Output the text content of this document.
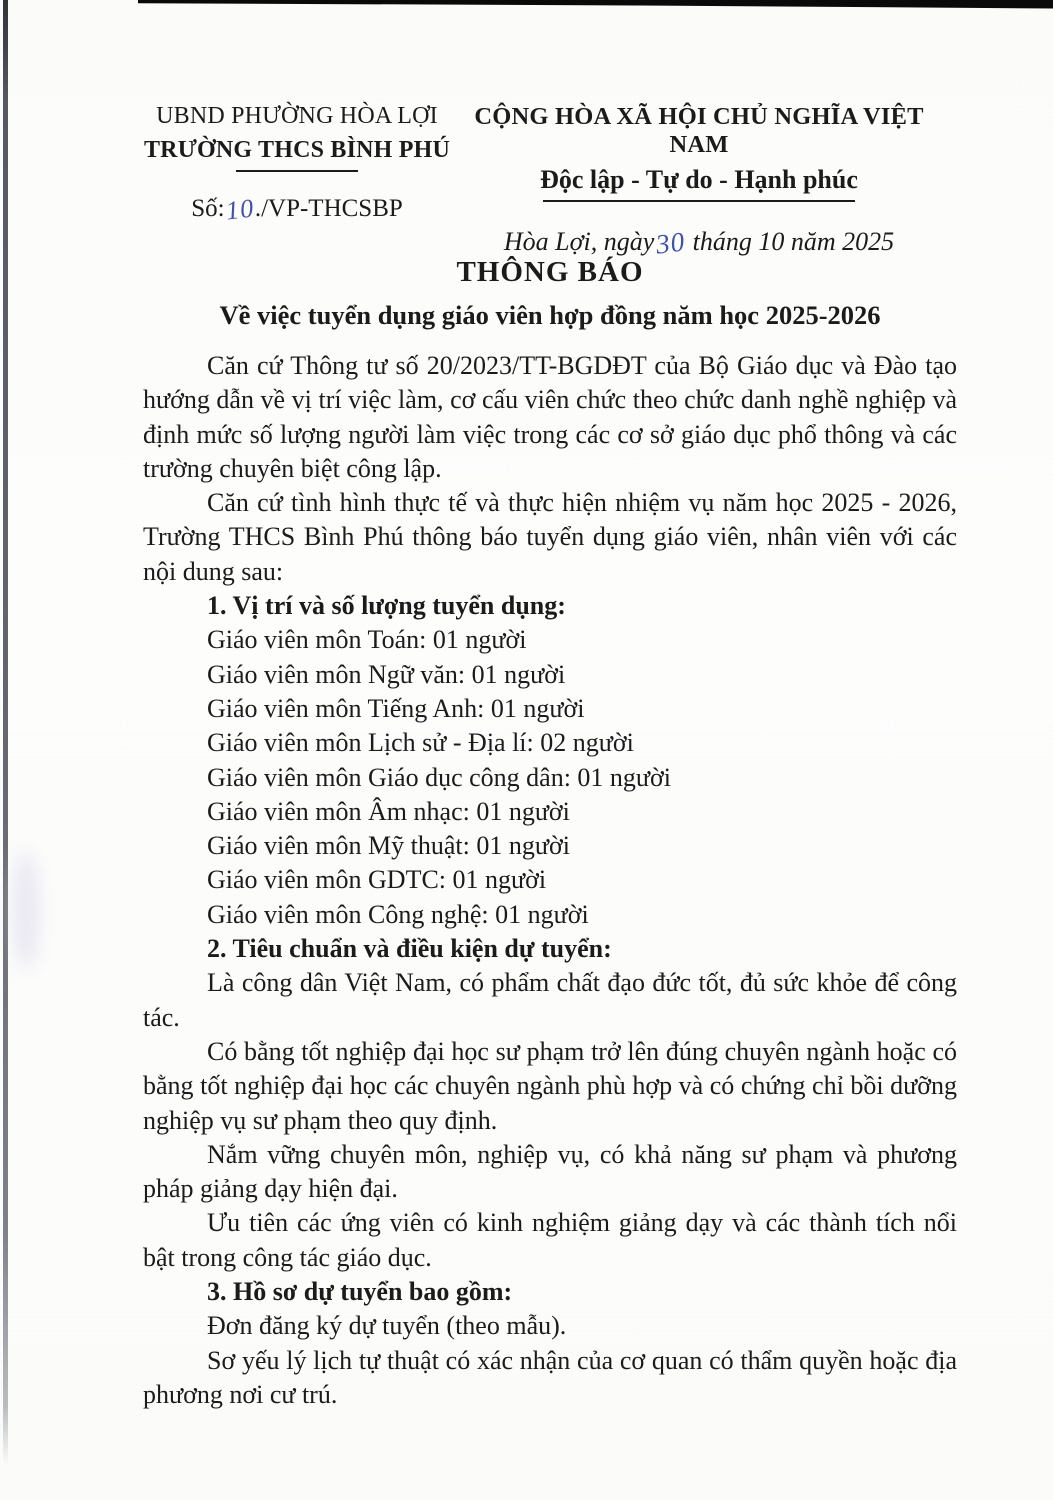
UBND PHƯỜNG HÒA LỢI
TRƯỜNG THCS BÌNH PHÚ
Số:10./VP-THCSBP
CỘNG HÒA XÃ HỘI CHỦ NGHĨA VIỆT NAM
Độc lập - Tự do - Hạnh phúc
Hòa Lợi, ngày30 tháng 10 năm 2025
THÔNG BÁO
Về việc tuyển dụng giáo viên hợp đồng năm học 2025-2026

Căn cứ Thông tư số 20/2023/TT-BGDĐT của Bộ Giáo dục và Đào tạo hướng dẫn về vị trí việc làm, cơ cấu viên chức theo chức danh nghề nghiệp và định mức số lượng người làm việc trong các cơ sở giáo dục phổ thông và các trường chuyên biệt công lập.

Căn cứ tình hình thực tế và thực hiện nhiệm vụ năm học 2025 - 2026, Trường THCS Bình Phú thông báo tuyển dụng giáo viên, nhân viên với các nội dung sau:

1. Vị trí và số lượng tuyển dụng:

Giáo viên môn Toán: 01 người

Giáo viên môn Ngữ văn: 01 người

Giáo viên môn Tiếng Anh: 01 người

Giáo viên môn Lịch sử - Địa lí: 02 người

Giáo viên môn Giáo dục công dân: 01 người

Giáo viên môn Âm nhạc: 01 người

Giáo viên môn Mỹ thuật: 01 người

Giáo viên môn GDTC: 01 người

Giáo viên môn Công nghệ: 01 người

2. Tiêu chuẩn và điều kiện dự tuyển:

Là công dân Việt Nam, có phẩm chất đạo đức tốt, đủ sức khỏe để công tác.

Có bằng tốt nghiệp đại học sư phạm trở lên đúng chuyên ngành hoặc có bằng tốt nghiệp đại học các chuyên ngành phù hợp và có chứng chỉ bồi dưỡng nghiệp vụ sư phạm theo quy định.

Nắm vững chuyên môn, nghiệp vụ, có khả năng sư phạm và phương pháp giảng dạy hiện đại.

Ưu tiên các ứng viên có kinh nghiệm giảng dạy và các thành tích nổi bật trong công tác giáo dục.

3. Hồ sơ dự tuyển bao gồm:

Đơn đăng ký dự tuyển (theo mẫu).

Sơ yếu lý lịch tự thuật có xác nhận của cơ quan có thẩm quyền hoặc địa phương nơi cư trú.
